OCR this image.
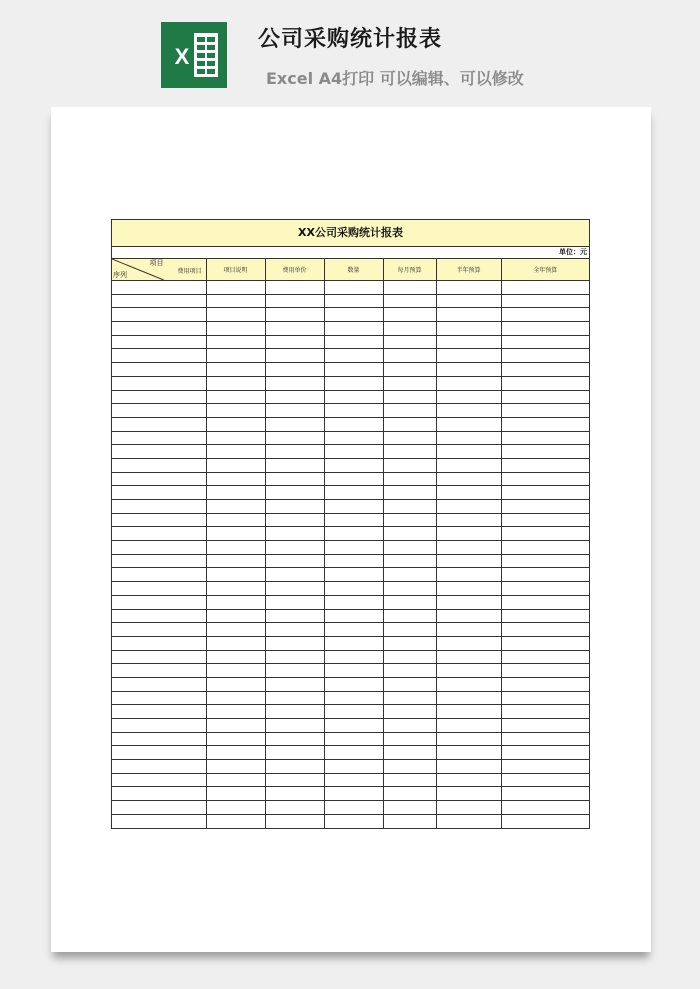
X
公司采购统计报表
Excel A4打印 可以编辑、可以修改
XX公司采购统计报表
单位：元
项目
序列 费用项目	项目说明	费用单价	数量	每月预算	半年预算	全年预算
